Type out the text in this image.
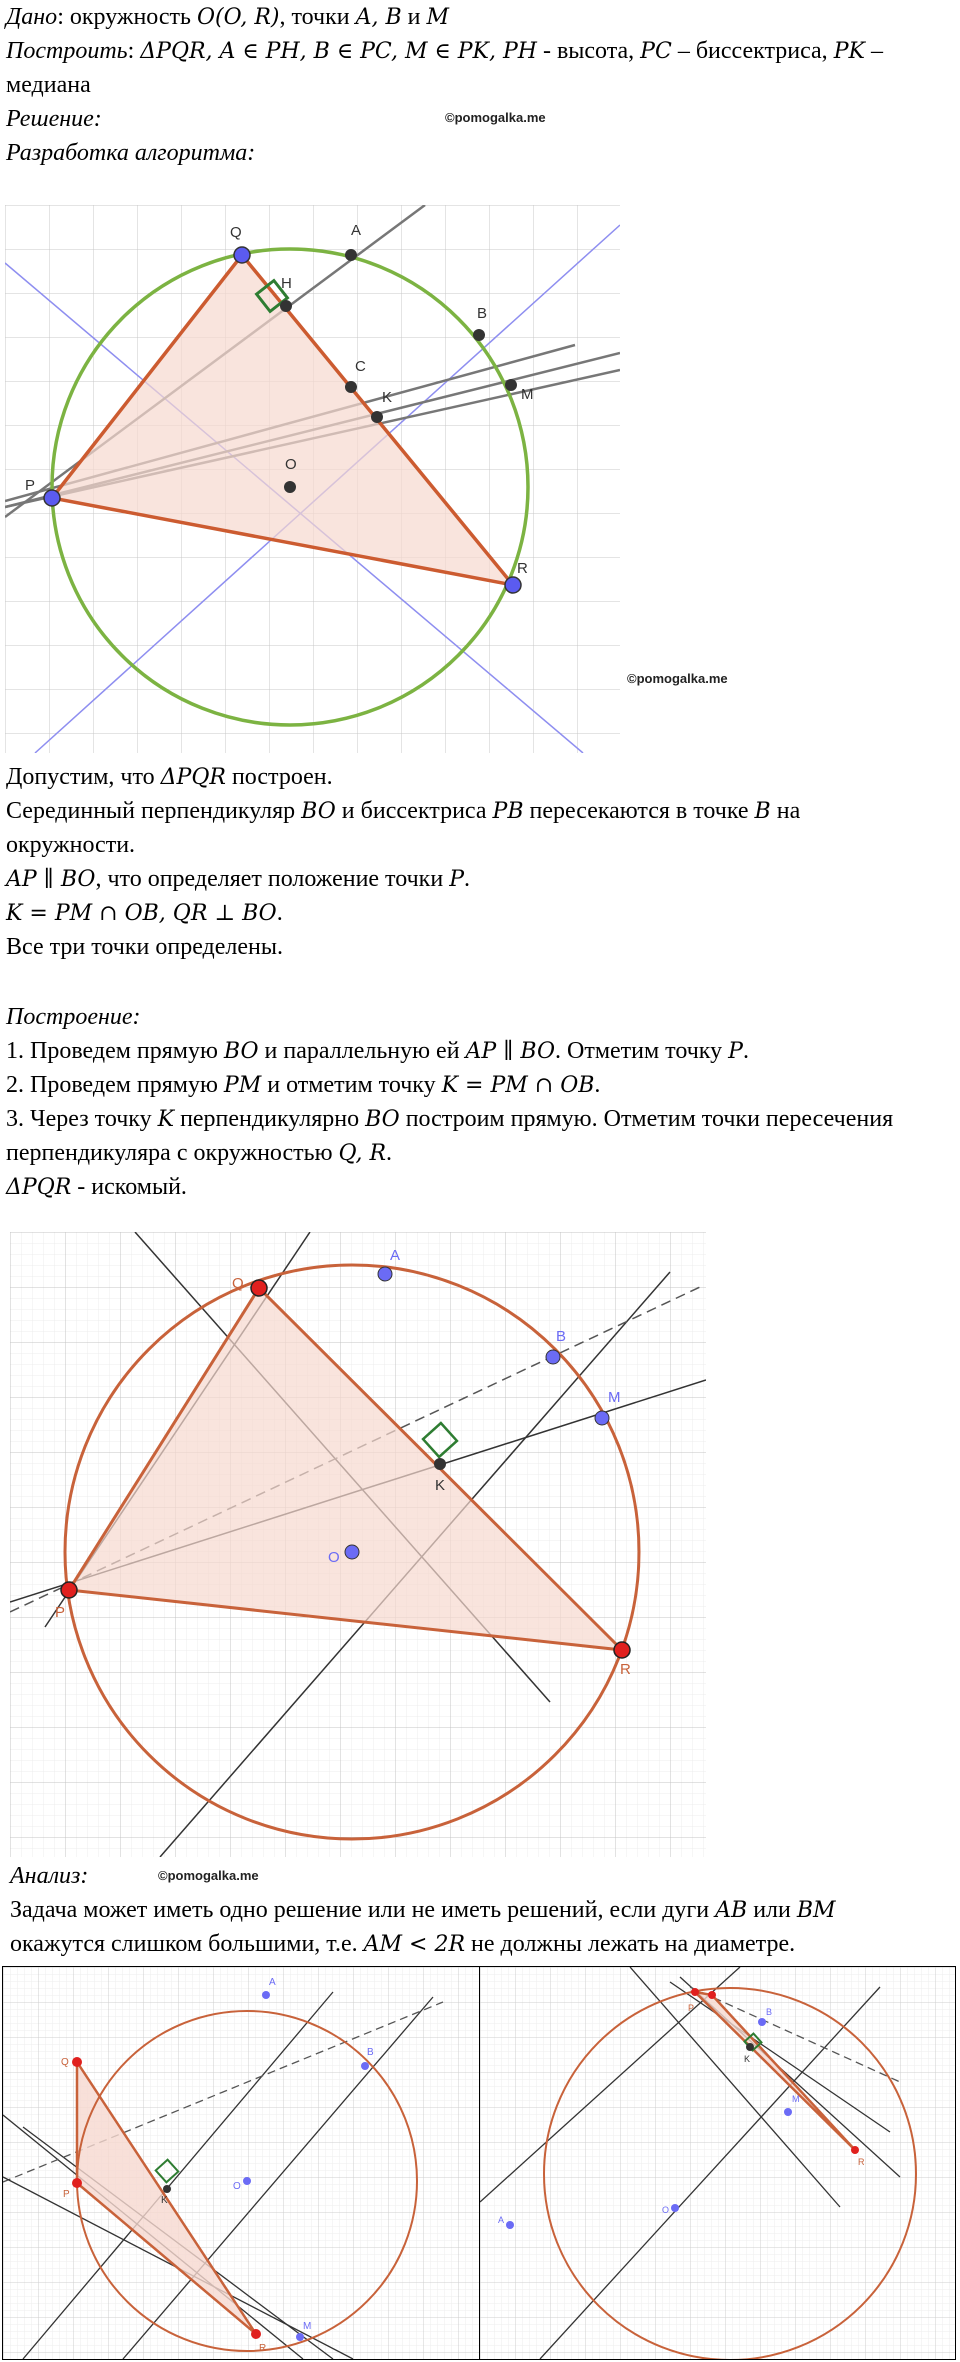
Дано: окружность O(O, R), точки A, B и M
Построить: ΔPQR, A ∈ PH, B ∈ PC, M ∈ PK, PH - высота, PC – биссектриса, PK –
медиана
Решение:	©pomogalka.me
Разработка алгоритма:
Q	A
H
B
C
K	M
P
O
R
©pomogalka.me
Допустим, что ΔPQR построен.
Серединный перпендикуляр BO и биссектриса PB пересекаются в точке B на
окружности.
AP ∥ BO, что определяет положение точки P.
K = PM ∩ OB, QR ⊥ BO.
Все три точки определены.
Построение:
1. Проведем прямую BO и параллельную ей AP ∥ BO. Отметим точку P.
2. Проведем прямую PM и отметим точку K = PM ∩ OB.
3. Через точку K перпендикулярно BO построим прямую. Отметим точки пересечения
перпендикуляра с окружностью Q, R.
ΔPQR - искомый.
A
Q
B
M
K
O
P
R
Анализ:	©pomogalka.me
Задача может иметь одно решение или не иметь решений, если дуги AB или BM
окажутся слишком большими, т.е. AM < 2R не должны лежать на диаметре.
A
B
Q
P
O
K
M
R
P	B
K
M
R
O
A
